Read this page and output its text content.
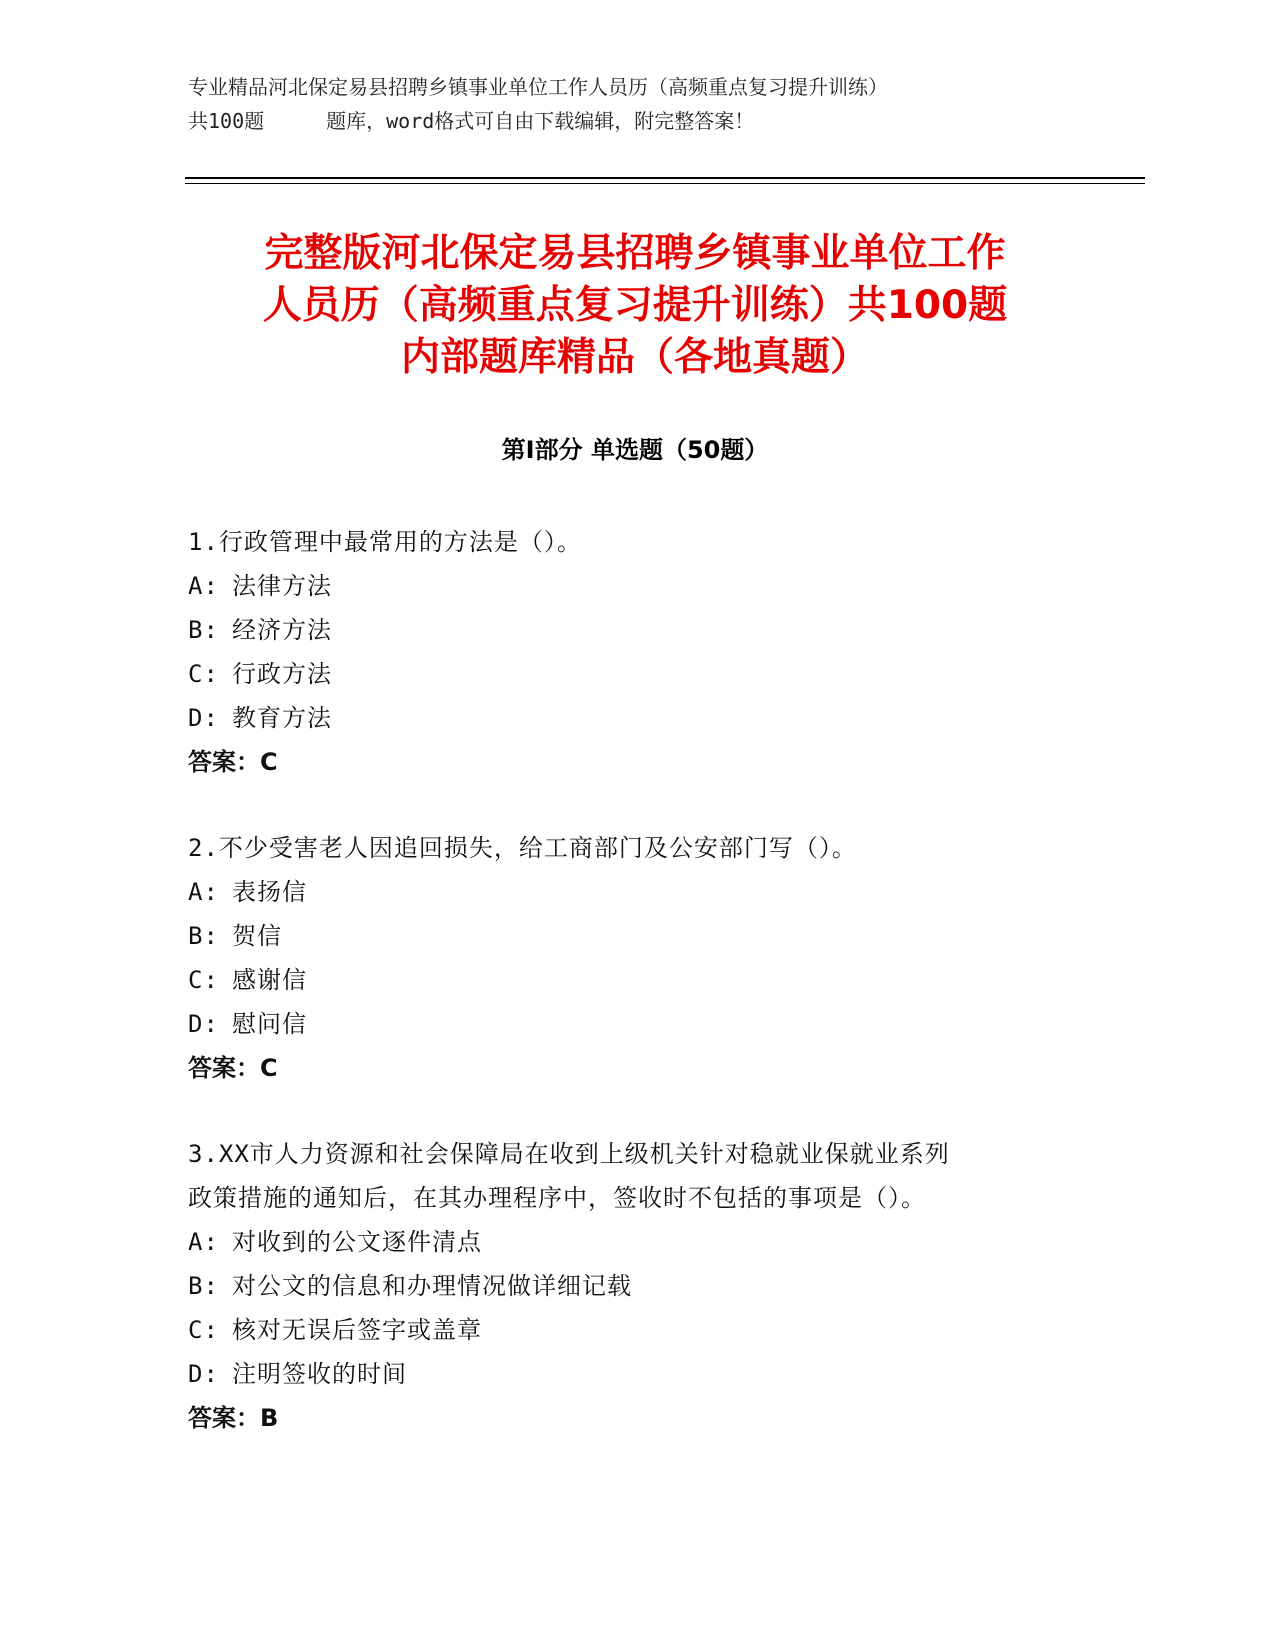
专业精品河北保定易县招聘乡镇事业单位工作人员历（高频重点复习提升训练）
共100题	题库，word格式可自由下载编辑，附完整答案！
完整版河北保定易县招聘乡镇事业单位工作
人员历（高频重点复习提升训练）共100题
内部题库精品（各地真题）
第Ⅰ部分 单选题（50题）
1.行政管理中最常用的方法是（）。
A: 法律方法
B: 经济方法
C: 行政方法
D: 教育方法
答案：C
2.不少受害老人因追回损失，给工商部门及公安部门写（）。
A: 表扬信
B: 贺信
C: 感谢信
D: 慰问信
答案：C
3.XX市人力资源和社会保障局在收到上级机关针对稳就业保就业系列
政策措施的通知后，在其办理程序中，签收时不包括的事项是（）。
A: 对收到的公文逐件清点
B: 对公文的信息和办理情况做详细记载
C: 核对无误后签字或盖章
D: 注明签收的时间
答案：B
